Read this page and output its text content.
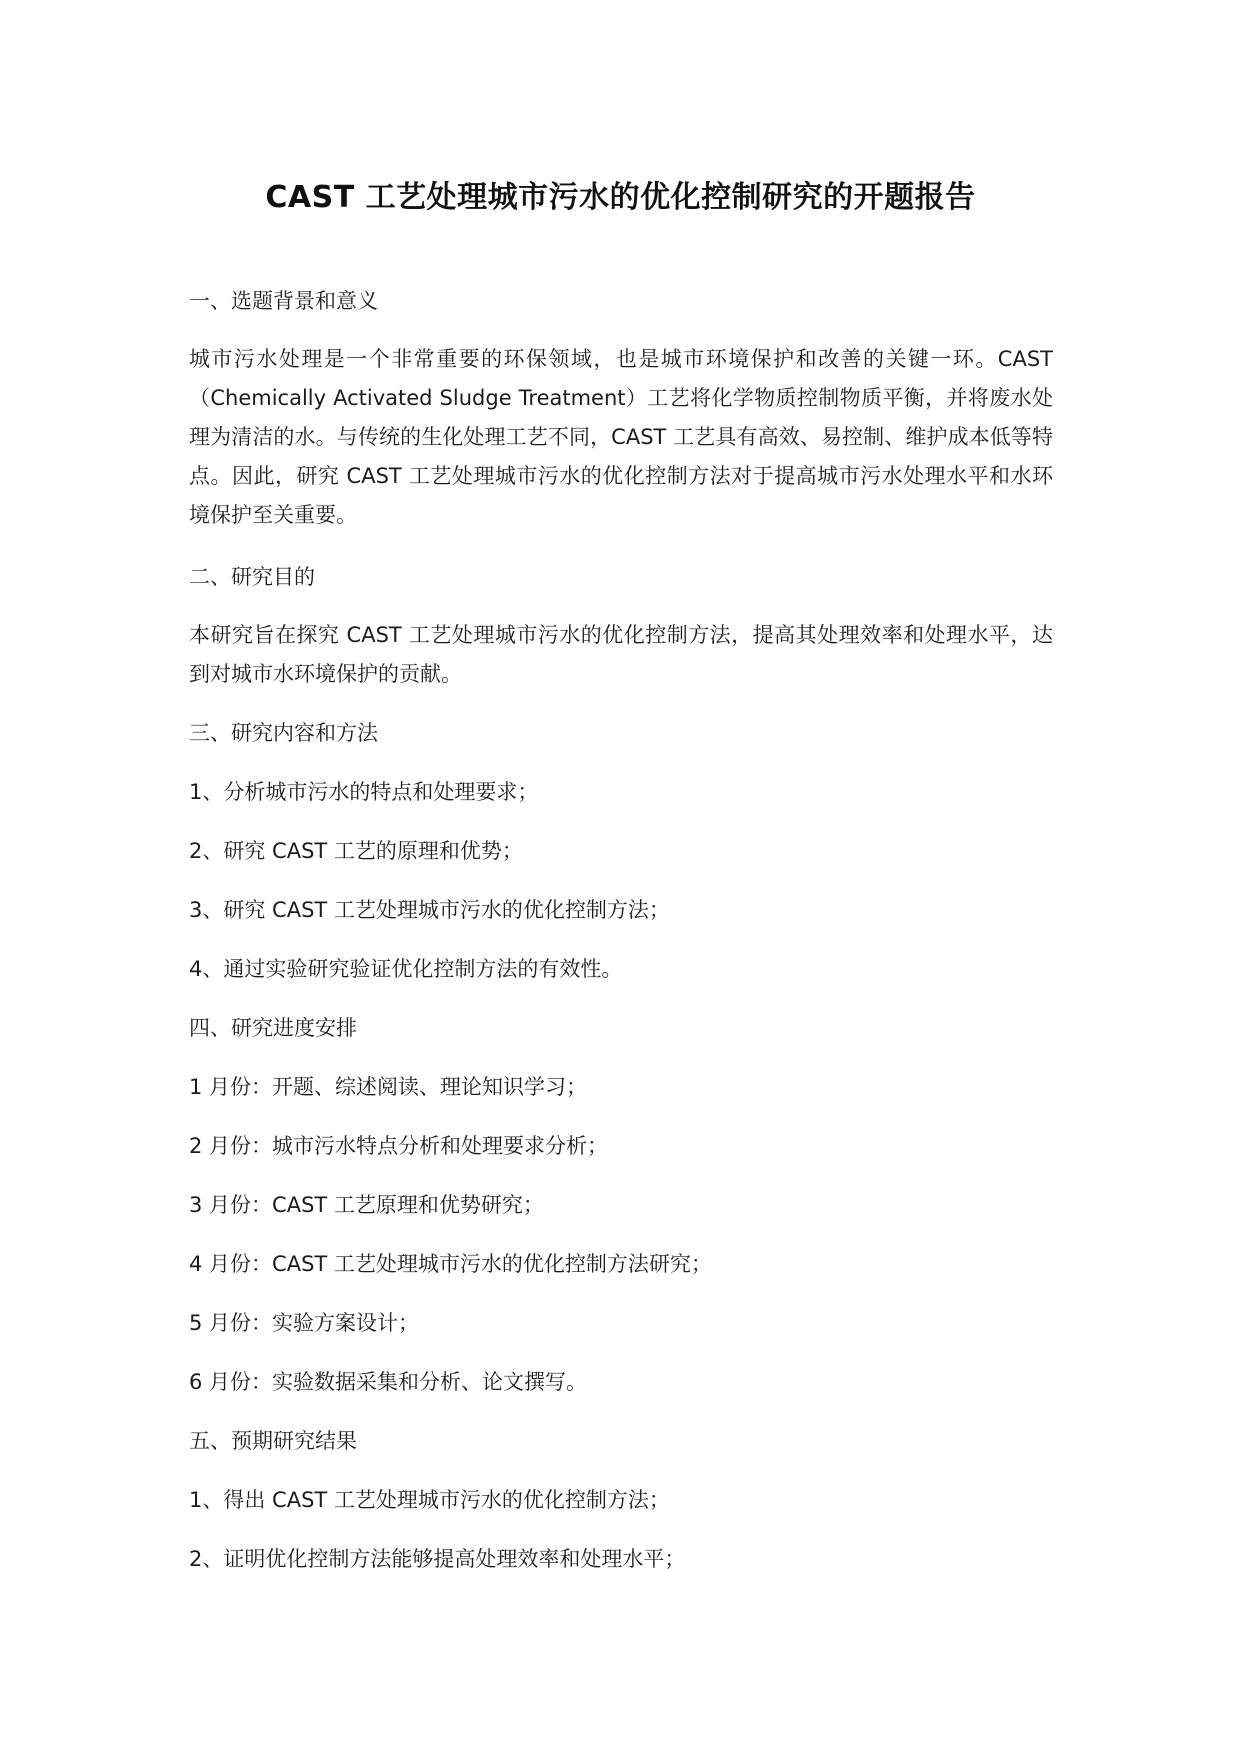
CAST 工艺处理城市污水的优化控制研究的开题报告
一、选题背景和意义
城市污水处理是一个非常重要的环保领域，也是城市环境保护和改善的关键一环。CAST（Chemically Activated Sludge Treatment）工艺将化学物质控制物质平衡，并将废水处理为清洁的水。与传统的生化处理工艺不同，CAST 工艺具有高效、易控制、维护成本低等特点。因此，研究 CAST 工艺处理城市污水的优化控制方法对于提高城市污水处理水平和水环境保护至关重要。
二、研究目的
本研究旨在探究 CAST 工艺处理城市污水的优化控制方法，提高其处理效率和处理水平，达到对城市水环境保护的贡献。
三、研究内容和方法
1、分析城市污水的特点和处理要求；
2、研究 CAST 工艺的原理和优势；
3、研究 CAST 工艺处理城市污水的优化控制方法；
4、通过实验研究验证优化控制方法的有效性。
四、研究进度安排
1 月份：开题、综述阅读、理论知识学习；
2 月份：城市污水特点分析和处理要求分析；
3 月份：CAST 工艺原理和优势研究；
4 月份：CAST 工艺处理城市污水的优化控制方法研究；
5 月份：实验方案设计；
6 月份：实验数据采集和分析、论文撰写。
五、预期研究结果
1、得出 CAST 工艺处理城市污水的优化控制方法；
2、证明优化控制方法能够提高处理效率和处理水平；
